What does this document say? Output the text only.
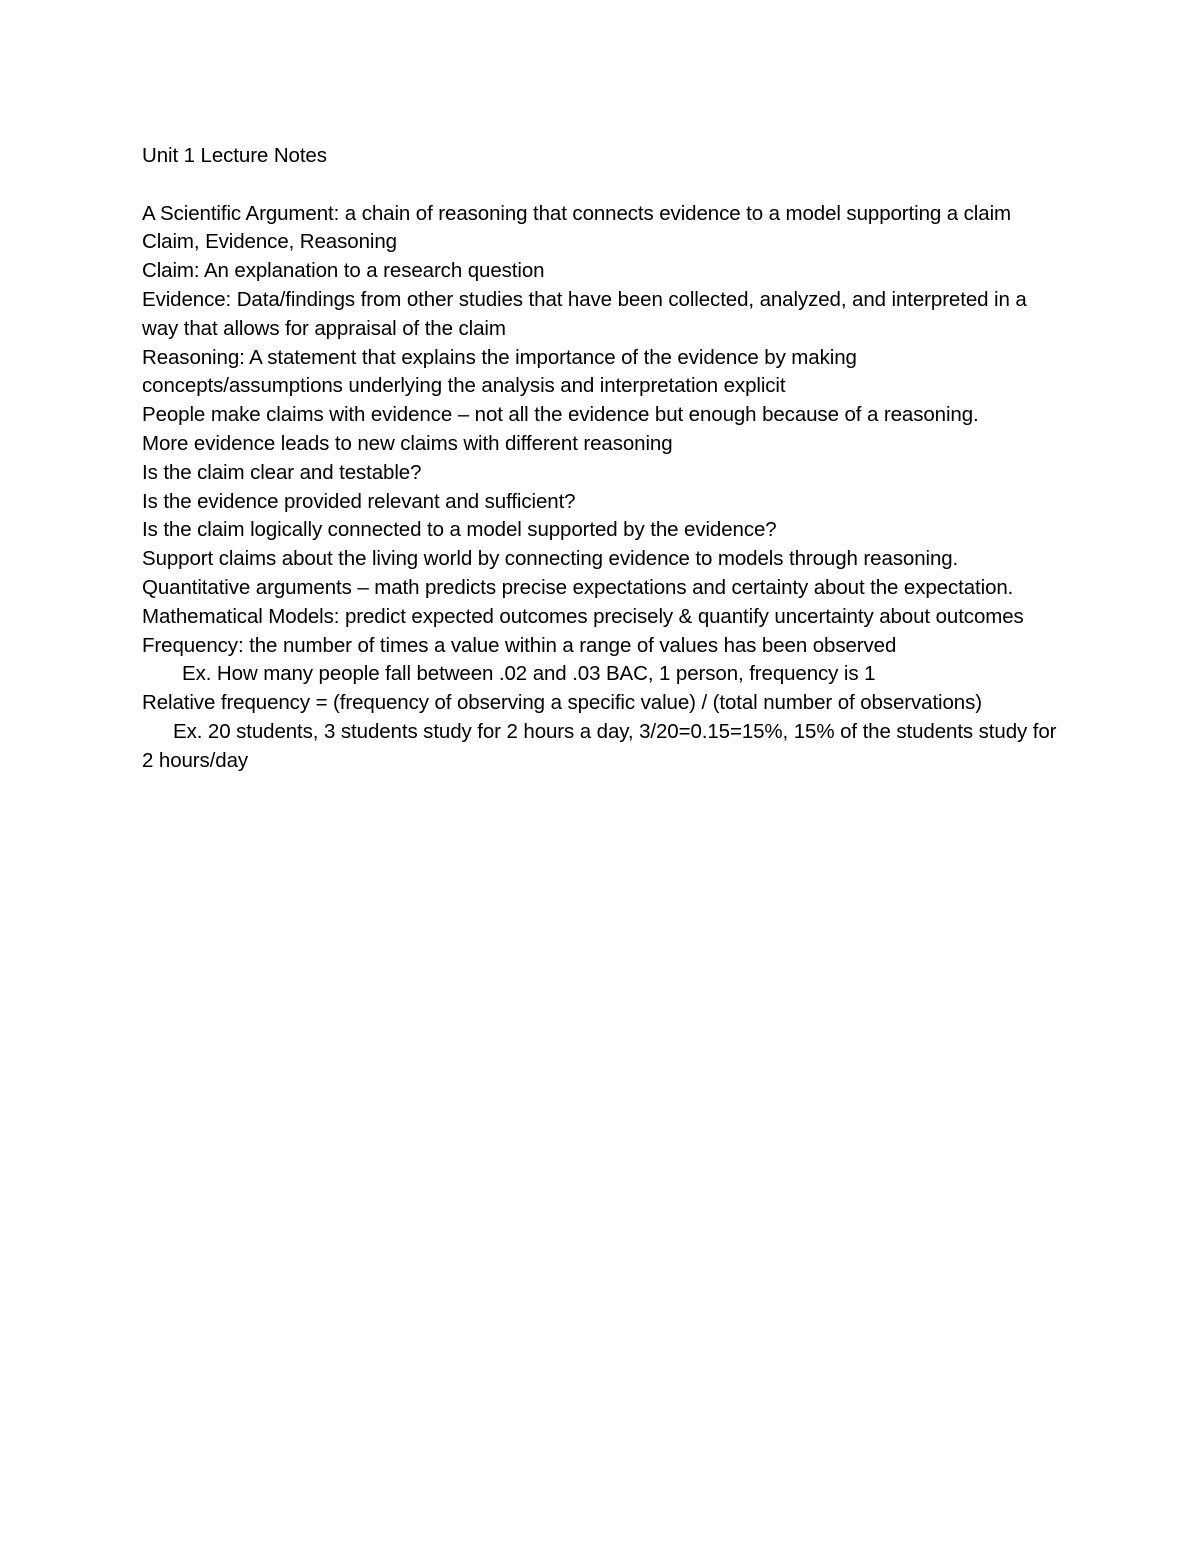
Unit 1 Lecture Notes

A Scientific Argument: a chain of reasoning that connects evidence to a model supporting a claim

Claim, Evidence, Reasoning

Claim: An explanation to a research question

Evidence: Data/findings from other studies that have been collected, analyzed, and interpreted in a way that allows for appraisal of the claim

Reasoning: A statement that explains the importance of the evidence by making concepts/assumptions underlying the analysis and interpretation explicit

People make claims with evidence – not all the evidence but enough because of a reasoning.

More evidence leads to new claims with different reasoning

Is the claim clear and testable?

Is the evidence provided relevant and sufficient?

Is the claim logically connected to a model supported by the evidence?

Support claims about the living world by connecting evidence to models through reasoning.

Quantitative arguments – math predicts precise expectations and certainty about the expectation.

Mathematical Models: predict expected outcomes precisely & quantify uncertainty about outcomes

Frequency: the number of times a value within a range of values has been observed

Ex. How many people fall between .02 and .03 BAC, 1 person, frequency is 1

Relative frequency = (frequency of observing a specific value) / (total number of observations)

Ex. 20 students, 3 students study for 2 hours a day, 3/20=0.15=15%, 15% of the students study for 2 hours/day
